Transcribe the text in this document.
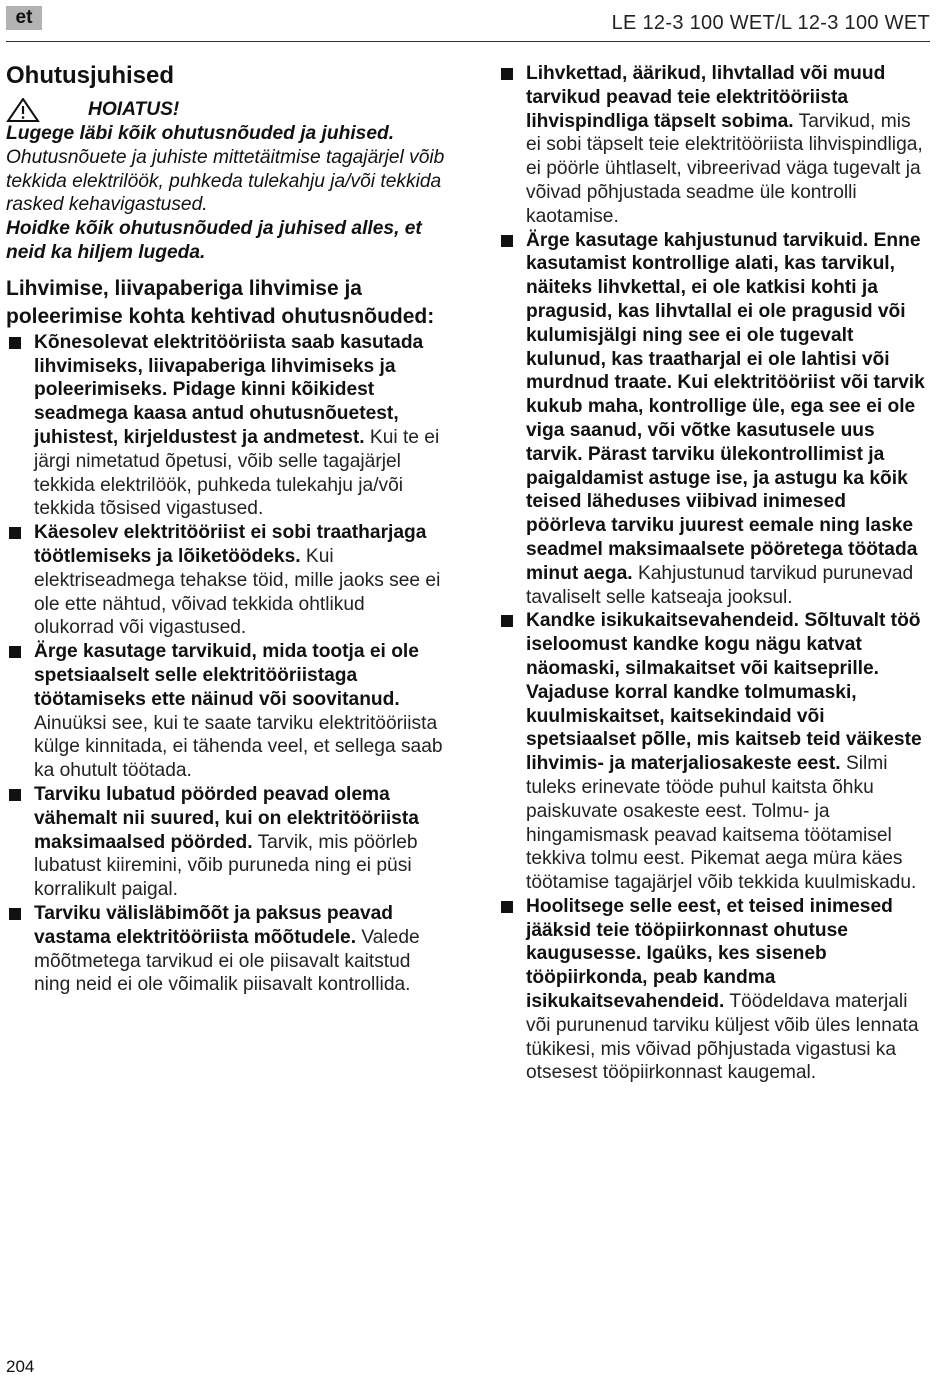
et	LE 12-3 100 WET/L 12-3 100 WET
Ohutusjuhised
HOIATUS!

Lugege läbi kõik ohutusnõuded ja juhised. Ohutusnõuete ja juhiste mittetäitmise tagajärjel võib tekkida elektrilöök, puhkeda tulekahju ja/või tekkida rasked kehavigastused.

Hoidke kõik ohutusnõuded ja juhised alles, et neid ka hiljem lugeda.

Lihvimise, liivapaberiga lihvimise ja poleerimise kohta kehtivad ohutusnõuded:
Kõnesolevat elektritööriista saab kasutada lihvimiseks, liivapaberiga lihvimiseks ja poleerimiseks. Pidage kinni kõikidest seadmega kaasa antud ohutusnõuetest, juhistest, kirjeldustest ja andmetest. Kui te ei järgi nimetatud õpetusi, võib selle tagajärjel tekkida elektrilöök, puhkeda tulekahju ja/või tekkida tõsised vigastused.
Käesolev elektritööriist ei sobi traatharjaga töötlemiseks ja lõiketöödeks. Kui elektriseadmega tehakse töid, mille jaoks see ei ole ette nähtud, võivad tekkida ohtlikud olukorrad või vigastused.
Ärge kasutage tarvikuid, mida tootja ei ole spetsiaalselt selle elektritööriistaga töötamiseks ette näinud või soovitanud. Ainuüksi see, kui te saate tarviku elektritööriista külge kinnitada, ei tähenda veel, et sellega saab ka ohutult töötada.
Tarviku lubatud pöörded peavad olema vähemalt nii suured, kui on elektritööriista maksimaalsed pöörded. Tarvik, mis pöörleb lubatust kiiremini, võib puruneda ning ei püsi korralikult paigal.
Tarviku välisläbimõõt ja paksus peavad vastama elektritööriista mõõtudele. Valede mõõtmetega tarvikud ei ole piisavalt kaitstud ning neid ei ole võimalik piisavalt kontrollida.
Lihvkettad, äärikud, lihvtallad või muud tarvikud peavad teie elektritööriista lihvispindliga täpselt sobima. Tarvikud, mis ei sobi täpselt teie elektritööriista lihvispindliga, ei pöörle ühtlaselt, vibreerivad väga tugevalt ja võivad põhjustada seadme üle kontrolli kaotamise.
Ärge kasutage kahjustunud tarvikuid. Enne kasutamist kontrollige alati, kas tarvikul, näiteks lihvkettal, ei ole katkisi kohti ja pragusid, kas lihvtallal ei ole pragusid või kulumisjälgi ning see ei ole tugevalt kulunud, kas traatharjal ei ole lahtisi või murdnud traate. Kui elektritööriist või tarvik kukub maha, kontrollige üle, ega see ei ole viga saanud, või võtke kasutusele uus tarvik. Pärast tarviku ülekontrollimist ja paigaldamist astuge ise, ja astugu ka kõik teised läheduses viibivad inimesed pöörleva tarviku juurest eemale ning laske seadmel maksimaalsete pööretega töötada minut aega. Kahjustunud tarvikud purunevad tavaliselt selle katseaja jooksul.
Kandke isikukaitsevahendeid. Sõltuvalt töö iseloomust kandke kogu nägu katvat näomaski, silmakaitset või kaitseprille. Vajaduse korral kandke tolmumaski, kuulmiskaitset, kaitsekindaid või spetsiaalset põlle, mis kaitseb teid väikeste lihvimis- ja materjaliosakeste eest. Silmi tuleks erinevate tööde puhul kaitsta õhku paiskuvate osakeste eest. Tolmu- ja hingamismask peavad kaitsema töötamisel tekkiva tolmu eest. Pikemat aega müra käes töötamise tagajärjel võib tekkida kuulmiskadu.
Hoolitsege selle eest, et teised inimesed jääksid teie tööpiirkonnast ohutuse kaugusesse. Igaüks, kes siseneb tööpiirkonda, peab kandma isikukaitsevahendeid. Töödeldava materjali või purunenud tarviku küljest võib üles lennata tükikesi, mis võivad põhjustada vigastusi ka otsesest tööpiirkonnast kaugemal.
204
